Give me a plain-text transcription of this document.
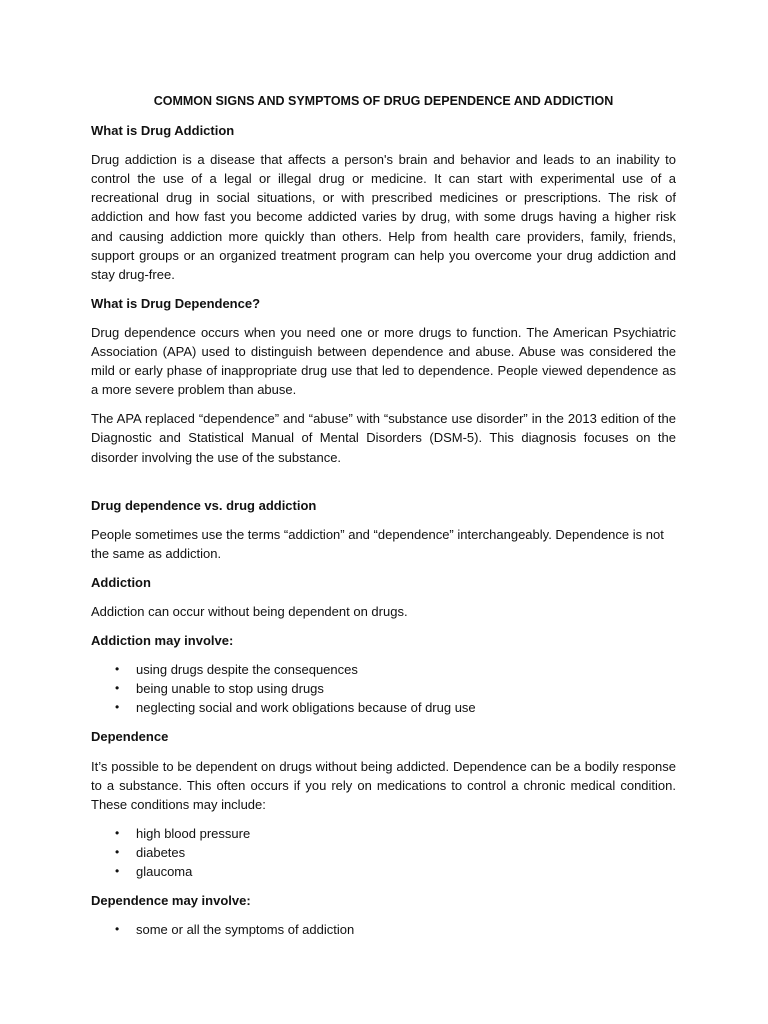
COMMON SIGNS AND SYMPTOMS OF DRUG DEPENDENCE AND ADDICTION
What is Drug Addiction
Drug addiction is a disease that affects a person's brain and behavior and leads to an inability to control the use of a legal or illegal drug or medicine. It can start with experimental use of a recreational drug in social situations, or with prescribed medicines or prescriptions. The risk of addiction and how fast you become addicted varies by drug, with some drugs having a higher risk and causing addiction more quickly than others. Help from health care providers, family, friends, support groups or an organized treatment program can help you overcome your drug addiction and stay drug-free.
What is Drug Dependence?
Drug dependence occurs when you need one or more drugs to function. The American Psychiatric Association (APA) used to distinguish between dependence and abuse. Abuse was considered the mild or early phase of inappropriate drug use that led to dependence. People viewed dependence as a more severe problem than abuse.
The APA replaced “dependence” and “abuse” with “substance use disorder” in the 2013 edition of the Diagnostic and Statistical Manual of Mental Disorders (DSM-5). This diagnosis focuses on the disorder involving the use of the substance.
Drug dependence vs. drug addiction
People sometimes use the terms “addiction” and “dependence” interchangeably. Dependence is not the same as addiction.
Addiction
Addiction can occur without being dependent on drugs.
Addiction may involve:
• using drugs despite the consequences
• being unable to stop using drugs
• neglecting social and work obligations because of drug use
Dependence
It’s possible to be dependent on drugs without being addicted. Dependence can be a bodily response to a substance. This often occurs if you rely on medications to control a chronic medical condition. These conditions may include:
• high blood pressure
• diabetes
• glaucoma
Dependence may involve:
• some or all the symptoms of addiction
